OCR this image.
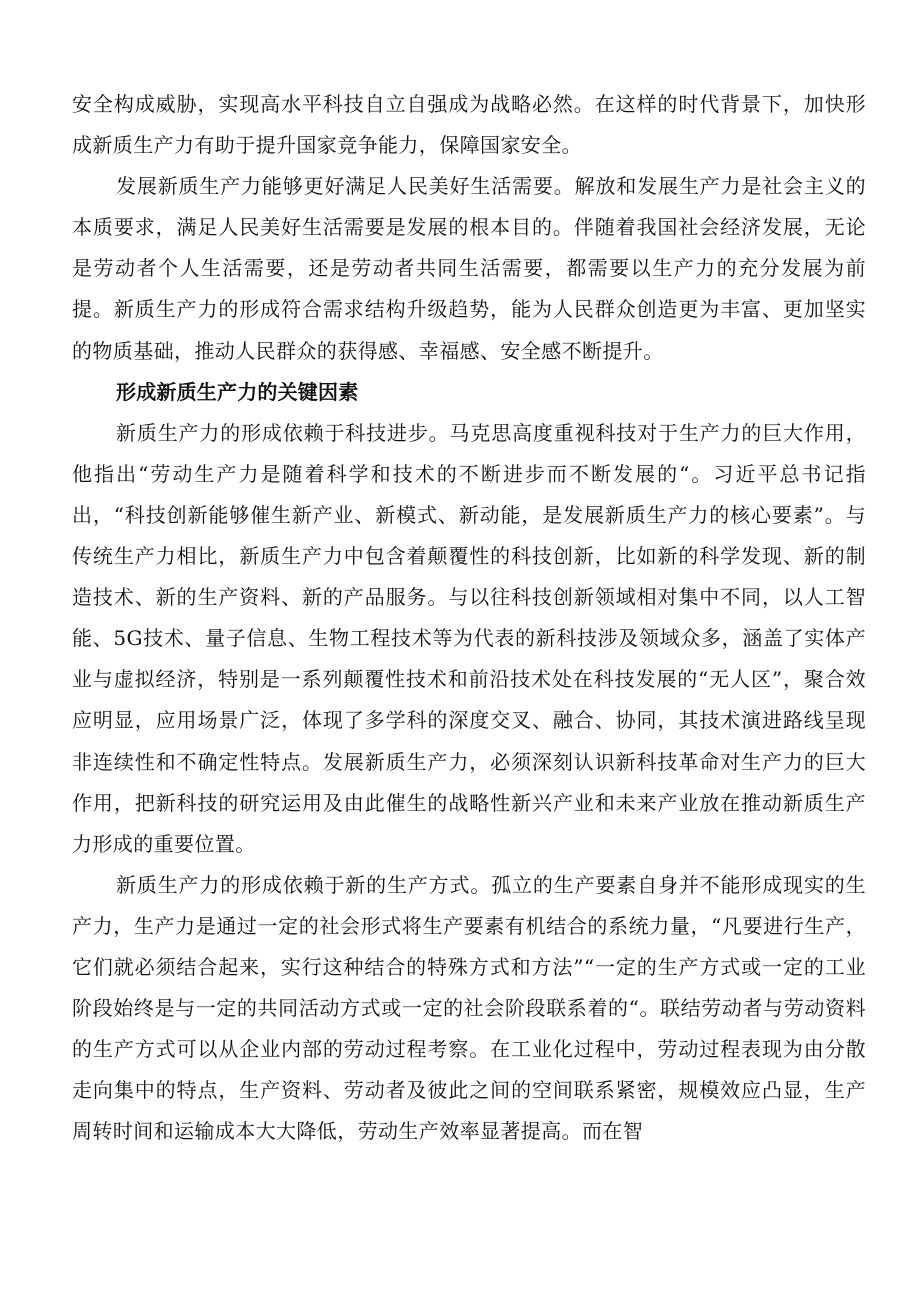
安全构成威胁，实现高水平科技自立自强成为战略必然。在这样的时代背景下，加快形成新质生产力有助于提升国家竞争能力，保障国家安全。

发展新质生产力能够更好满足人民美好生活需要。解放和发展生产力是社会主义的本质要求，满足人民美好生活需要是发展的根本目的。伴随着我国社会经济发展，无论是劳动者个人生活需要，还是劳动者共同生活需要，都需要以生产力的充分发展为前提。新质生产力的形成符合需求结构升级趋势，能为人民群众创造更为丰富、更加坚实的物质基础，推动人民群众的获得感、幸福感、安全感不断提升。

形成新质生产力的关键因素

新质生产力的形成依赖于科技进步。马克思高度重视科技对于生产力的巨大作用，他指出“劳动生产力是随着科学和技术的不断进步而不断发展的“。习近平总书记指出，“科技创新能够催生新产业、新模式、新动能，是发展新质生产力的核心要素”。与传统生产力相比，新质生产力中包含着颠覆性的科技创新，比如新的科学发现、新的制造技术、新的生产资料、新的产品服务。与以往科技创新领域相对集中不同，以人工智能、5G技术、量子信息、生物工程技术等为代表的新科技涉及领域众多，涵盖了实体产业与虚拟经济，特别是一系列颠覆性技术和前沿技术处在科技发展的“无人区”，聚合效应明显，应用场景广泛，体现了多学科的深度交叉、融合、协同，其技术演进路线呈现非连续性和不确定性特点。发展新质生产力，必须深刻认识新科技革命对生产力的巨大作用，把新科技的研究运用及由此催生的战略性新兴产业和未来产业放在推动新质生产力形成的重要位置。

新质生产力的形成依赖于新的生产方式。孤立的生产要素自身并不能形成现实的生产力，生产力是通过一定的社会形式将生产要素有机结合的系统力量，“凡要进行生产，它们就必须结合起来，实行这种结合的特殊方式和方法”“一定的生产方式或一定的工业阶段始终是与一定的共同活动方式或一定的社会阶段联系着的“。联结劳动者与劳动资料的生产方式可以从企业内部的劳动过程考察。在工业化过程中，劳动过程表现为由分散走向集中的特点，生产资料、劳动者及彼此之间的空间联系紧密，规模效应凸显，生产周转时间和运输成本大大降低，劳动生产效率显著提高。而在智
